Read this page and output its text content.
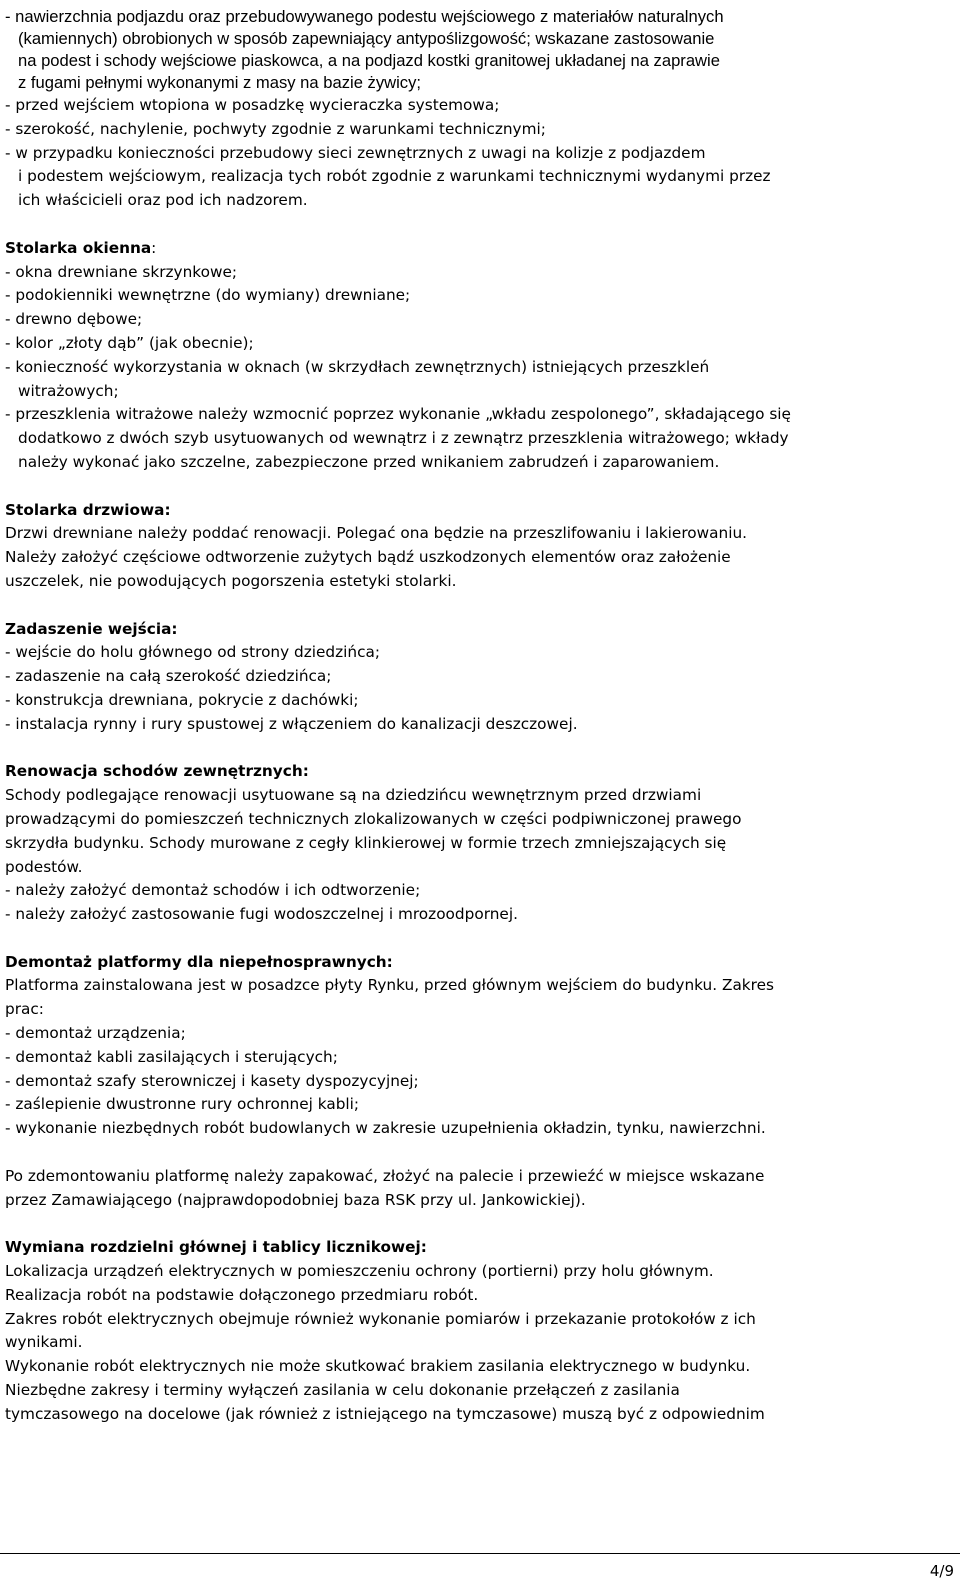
- nawierzchnia podjazdu oraz przebudowywanego podestu wejściowego z materiałów naturalnych
(kamiennych) obrobionych w sposób zapewniający antypoślizgowość; wskazane zastosowanie
na podest i schody wejściowe piaskowca, a na podjazd kostki granitowej układanej na zaprawie
z fugami pełnymi wykonanymi z masy na bazie żywicy;
- przed wejściem wtopiona w posadzkę wycieraczka systemowa;
- szerokość, nachylenie, pochwyty zgodnie z warunkami technicznymi;
- w przypadku konieczności przebudowy sieci zewnętrznych z uwagi na kolizje z podjazdem
i podestem wejściowym, realizacja tych robót zgodnie z warunkami technicznymi wydanymi przez
ich właścicieli oraz pod ich nadzorem.
Stolarka okienna:
- okna drewniane skrzynkowe;
- podokienniki wewnętrzne (do wymiany) drewniane;
- drewno dębowe;
- kolor „złoty dąb” (jak obecnie);
- konieczność wykorzystania w oknach (w skrzydłach zewnętrznych) istniejących przeszkleń
witrażowych;
- przeszklenia witrażowe należy wzmocnić poprzez wykonanie „wkładu zespolonego”, składającego się
dodatkowo z dwóch szyb usytuowanych od wewnątrz i z zewnątrz przeszklenia witrażowego; wkłady
należy wykonać jako szczelne, zabezpieczone przed wnikaniem zabrudzeń i zaparowaniem.
Stolarka drzwiowa:
Drzwi drewniane należy poddać renowacji. Polegać ona będzie na przeszlifowaniu i lakierowaniu.
Należy założyć częściowe odtworzenie zużytych bądź uszkodzonych elementów oraz założenie
uszczelek, nie powodujących pogorszenia estetyki stolarki.
Zadaszenie wejścia:
- wejście do holu głównego od strony dziedzińca;
- zadaszenie na całą szerokość dziedzińca;
- konstrukcja drewniana, pokrycie z dachówki;
- instalacja rynny i rury spustowej z włączeniem do kanalizacji deszczowej.
Renowacja schodów zewnętrznych:
Schody podlegające renowacji usytuowane są na dziedzińcu wewnętrznym przed drzwiami
prowadzącymi do pomieszczeń technicznych zlokalizowanych w części podpiwniczonej prawego
skrzydła budynku. Schody murowane z cegły klinkierowej w formie trzech zmniejszających się
podestów.
- należy założyć demontaż schodów i ich odtworzenie;
- należy założyć zastosowanie fugi wodoszczelnej i mrozoodpornej.
Demontaż platformy dla niepełnosprawnych:
Platforma zainstalowana jest w posadzce płyty Rynku, przed głównym wejściem do budynku. Zakres
prac:
- demontaż urządzenia;
- demontaż kabli zasilających i sterujących;
- demontaż szafy sterowniczej i kasety dyspozycyjnej;
- zaślepienie dwustronne rury ochronnej kabli;
- wykonanie niezbędnych robót budowlanych w zakresie uzupełnienia okładzin, tynku, nawierzchni.
Po zdemontowaniu platformę należy zapakować, złożyć na palecie i przewieźć w miejsce wskazane
przez Zamawiającego (najprawdopodobniej baza RSK przy ul. Jankowickiej).
Wymiana rozdzielni głównej i tablicy licznikowej:
Lokalizacja urządzeń elektrycznych w pomieszczeniu ochrony (portierni) przy holu głównym.
Realizacja robót na podstawie dołączonego przedmiaru robót.
Zakres robót elektrycznych obejmuje również wykonanie pomiarów i przekazanie protokołów z ich
wynikami.
Wykonanie robót elektrycznych nie może skutkować brakiem zasilania elektrycznego w budynku.
Niezbędne zakresy i terminy wyłączeń zasilania w celu dokonanie przełączeń z zasilania
tymczasowego na docelowe (jak również z istniejącego na tymczasowe) muszą być z odpowiednim
4/9
